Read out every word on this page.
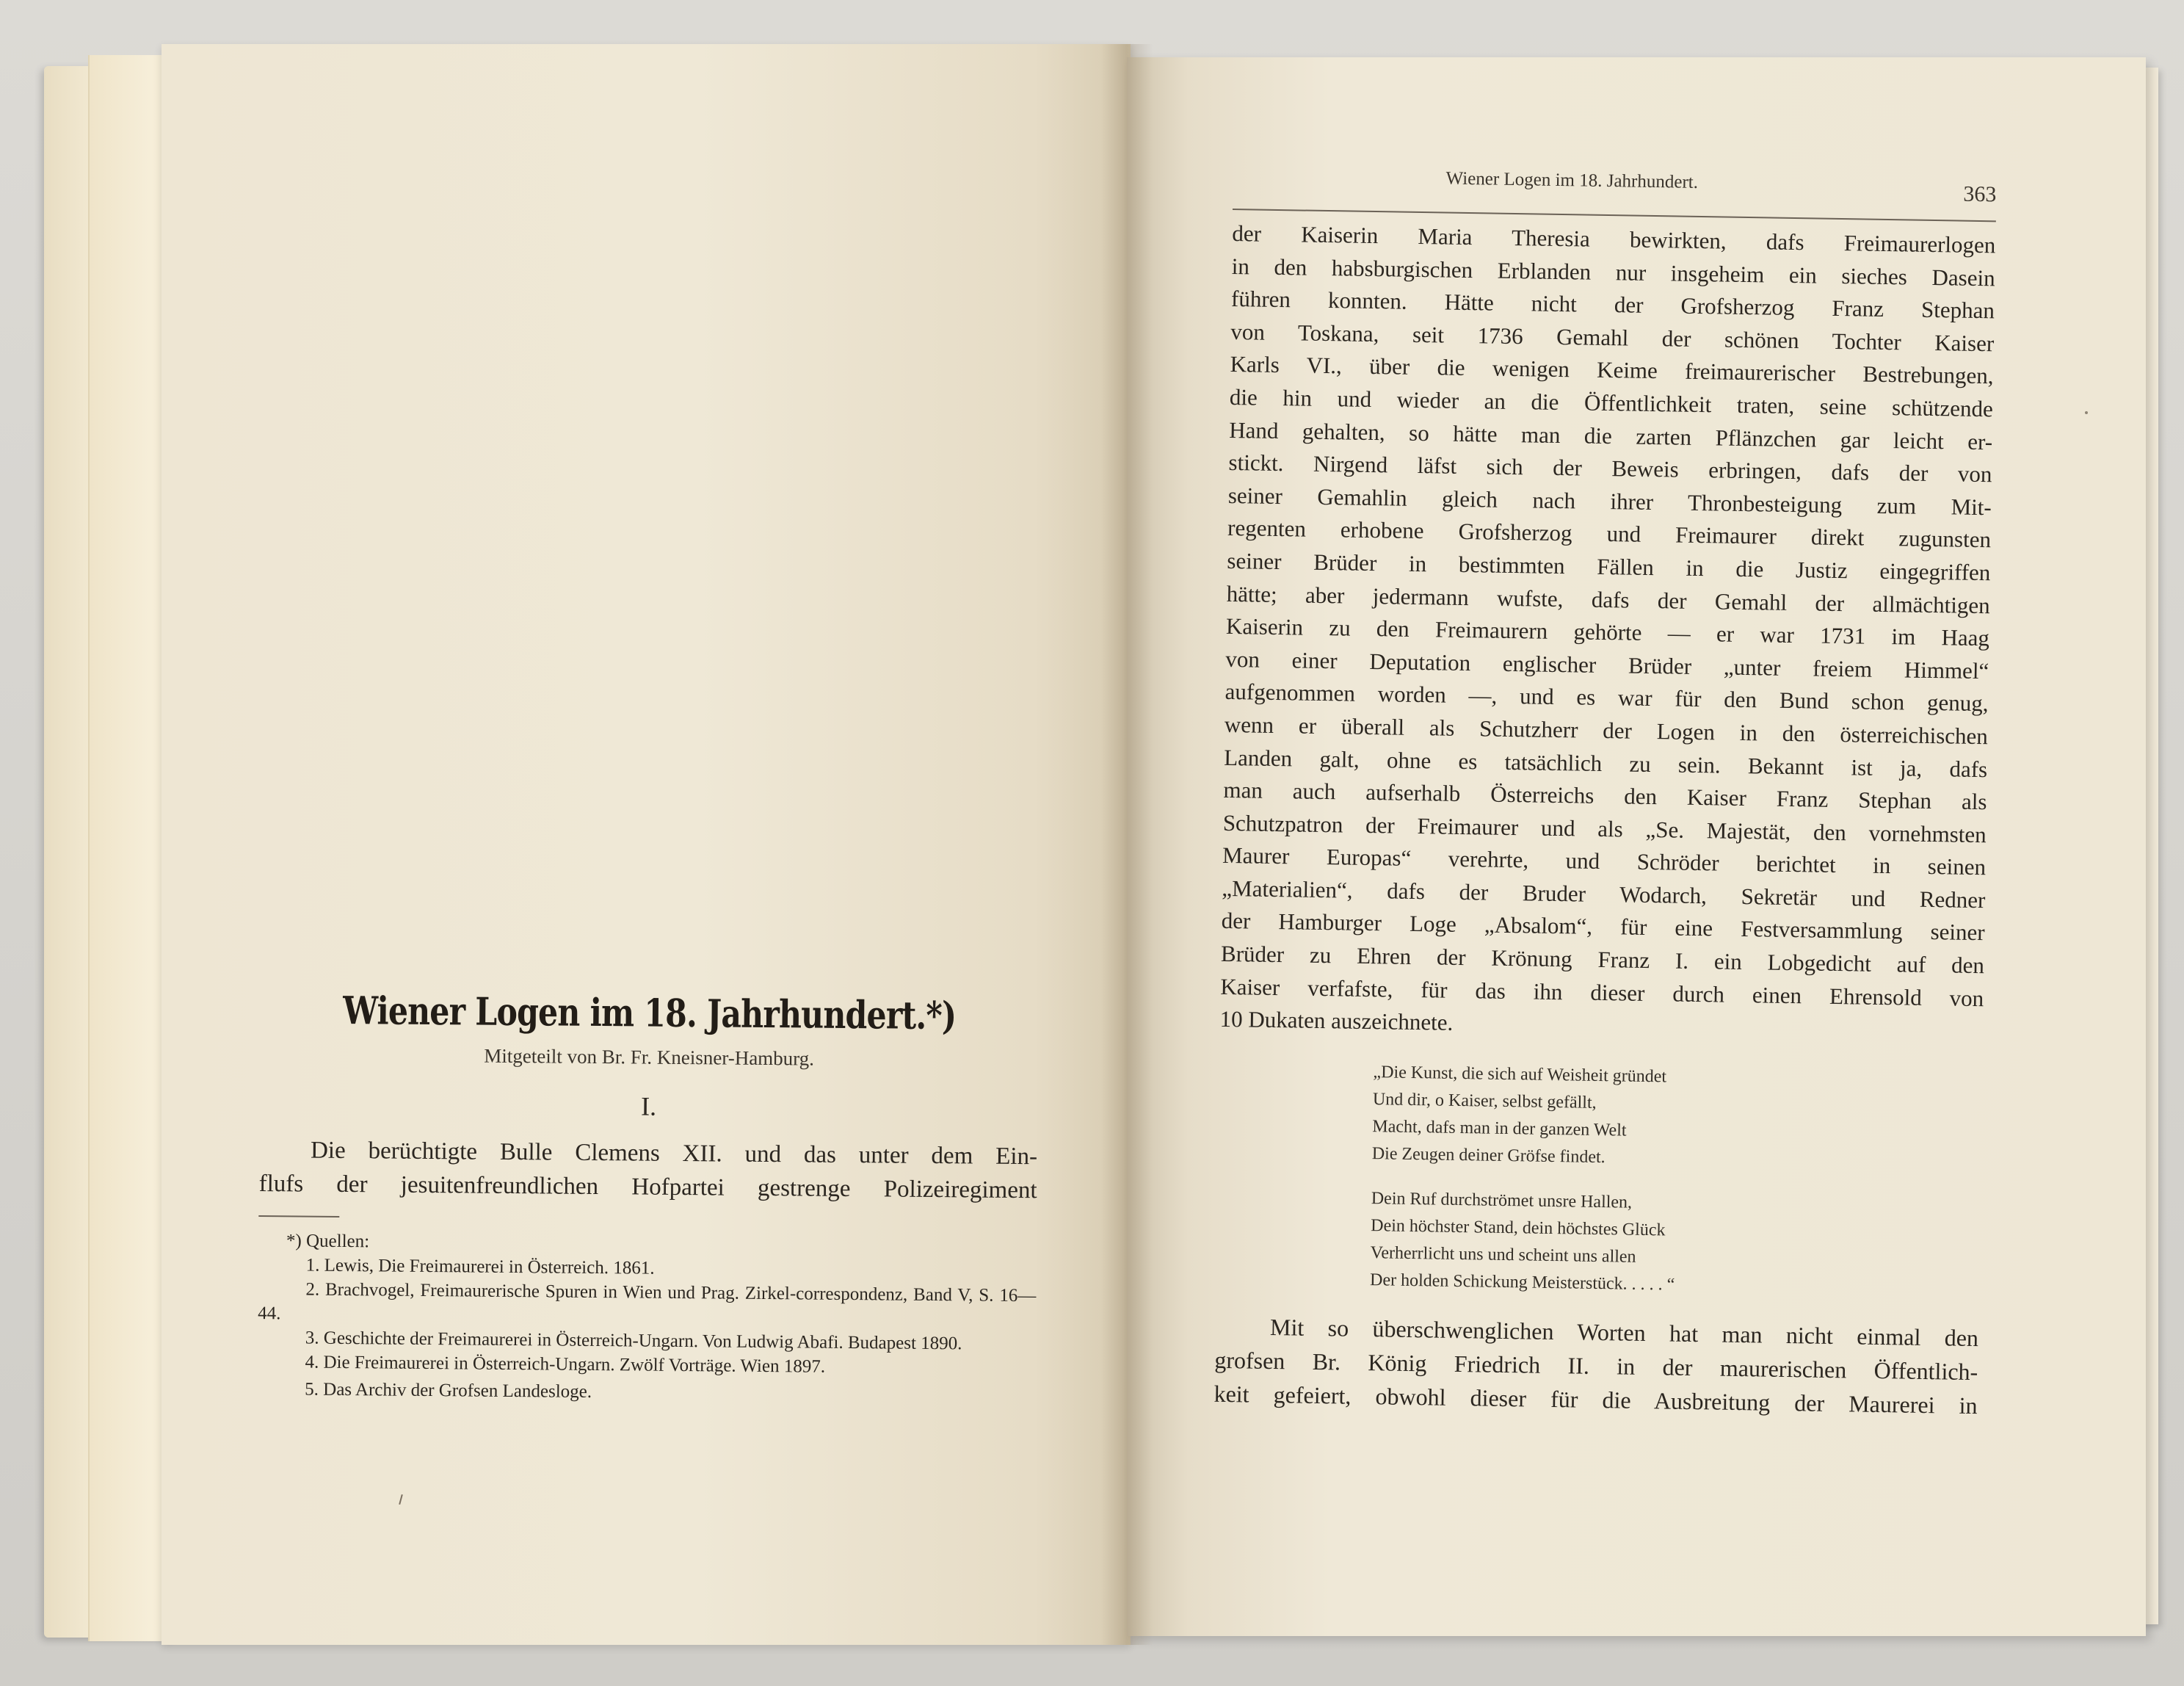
Wiener Logen im 18. Jahrhundert.*)
Mitgeteilt von Br. Fr. Kneisner-Hamburg.
I.

Die berüchtigte Bulle Clemens XII. und das unter dem Ein-

flufs der jesuitenfreundlichen Hofpartei gestrenge Polizeiregiment

*) Quellen:
1. Lewis, Die Freimaurerei in Österreich. 1861.
2. Brachvogel, Freimaurerische Spuren in Wien und Prag. Zirkel-correspondenz, Band V, S. 16—44.
3. Geschichte der Freimaurerei in Österreich-Ungarn. Von Ludwig Abafi. Budapest 1890.
4. Die Freimaurerei in Österreich-Ungarn. Zwölf Vorträge. Wien 1897.
5. Das Archiv der Grofsen Landesloge.
Wiener Logen im 18. Jahrhundert.
363
der Kaiserin Maria Theresia bewirkten, dafs Freimaurerlogen
in den habsburgischen Erblanden nur insgeheim ein sieches Dasein
führen konnten. Hätte nicht der Grofsherzog Franz Stephan
von Toskana, seit 1736 Gemahl der schönen Tochter Kaiser
Karls VI., über die wenigen Keime freimaurerischer Bestrebungen,
die hin und wieder an die Öffentlichkeit traten, seine schützende
Hand gehalten, so hätte man die zarten Pflänzchen gar leicht er-
stickt. Nirgend läfst sich der Beweis erbringen, dafs der von
seiner Gemahlin gleich nach ihrer Thronbesteigung zum Mit-
regenten erhobene Grofsherzog und Freimaurer direkt zugunsten
seiner Brüder in bestimmten Fällen in die Justiz eingegriffen
hätte; aber jedermann wufste, dafs der Gemahl der allmächtigen
Kaiserin zu den Freimaurern gehörte — er war 1731 im Haag
von einer Deputation englischer Brüder „unter freiem Himmel“
aufgenommen worden —, und es war für den Bund schon genug,
wenn er überall als Schutzherr der Logen in den österreichischen
Landen galt, ohne es tatsächlich zu sein. Bekannt ist ja, dafs
man auch aufserhalb Österreichs den Kaiser Franz Stephan als
Schutzpatron der Freimaurer und als „Se. Majestät, den vornehmsten
Maurer Europas“ verehrte, und Schröder berichtet in seinen
„Materialien“, dafs der Bruder Wodarch, Sekretär und Redner
der Hamburger Loge „Absalom“, für eine Festversammlung seiner
Brüder zu Ehren der Krönung Franz I. ein Lobgedicht auf den
Kaiser verfafste, für das ihn dieser durch einen Ehrensold von
10 Dukaten auszeichnete.
„Die Kunst, die sich auf Weisheit gründet
Und dir, o Kaiser, selbst gefällt,
Macht, dafs man in der ganzen Welt
Die Zeugen deiner Gröfse findet.
Dein Ruf durchströmet unsre Hallen,
Dein höchster Stand, dein höchstes Glück
Verherrlicht uns und scheint uns allen
Der holden Schickung Meisterstück. . . . . “
Mit so überschwenglichen Worten hat man nicht einmal den
grofsen Br. König Friedrich II. in der maurerischen Öffentlich-
keit gefeiert, obwohl dieser für die Ausbreitung der Maurerei in
